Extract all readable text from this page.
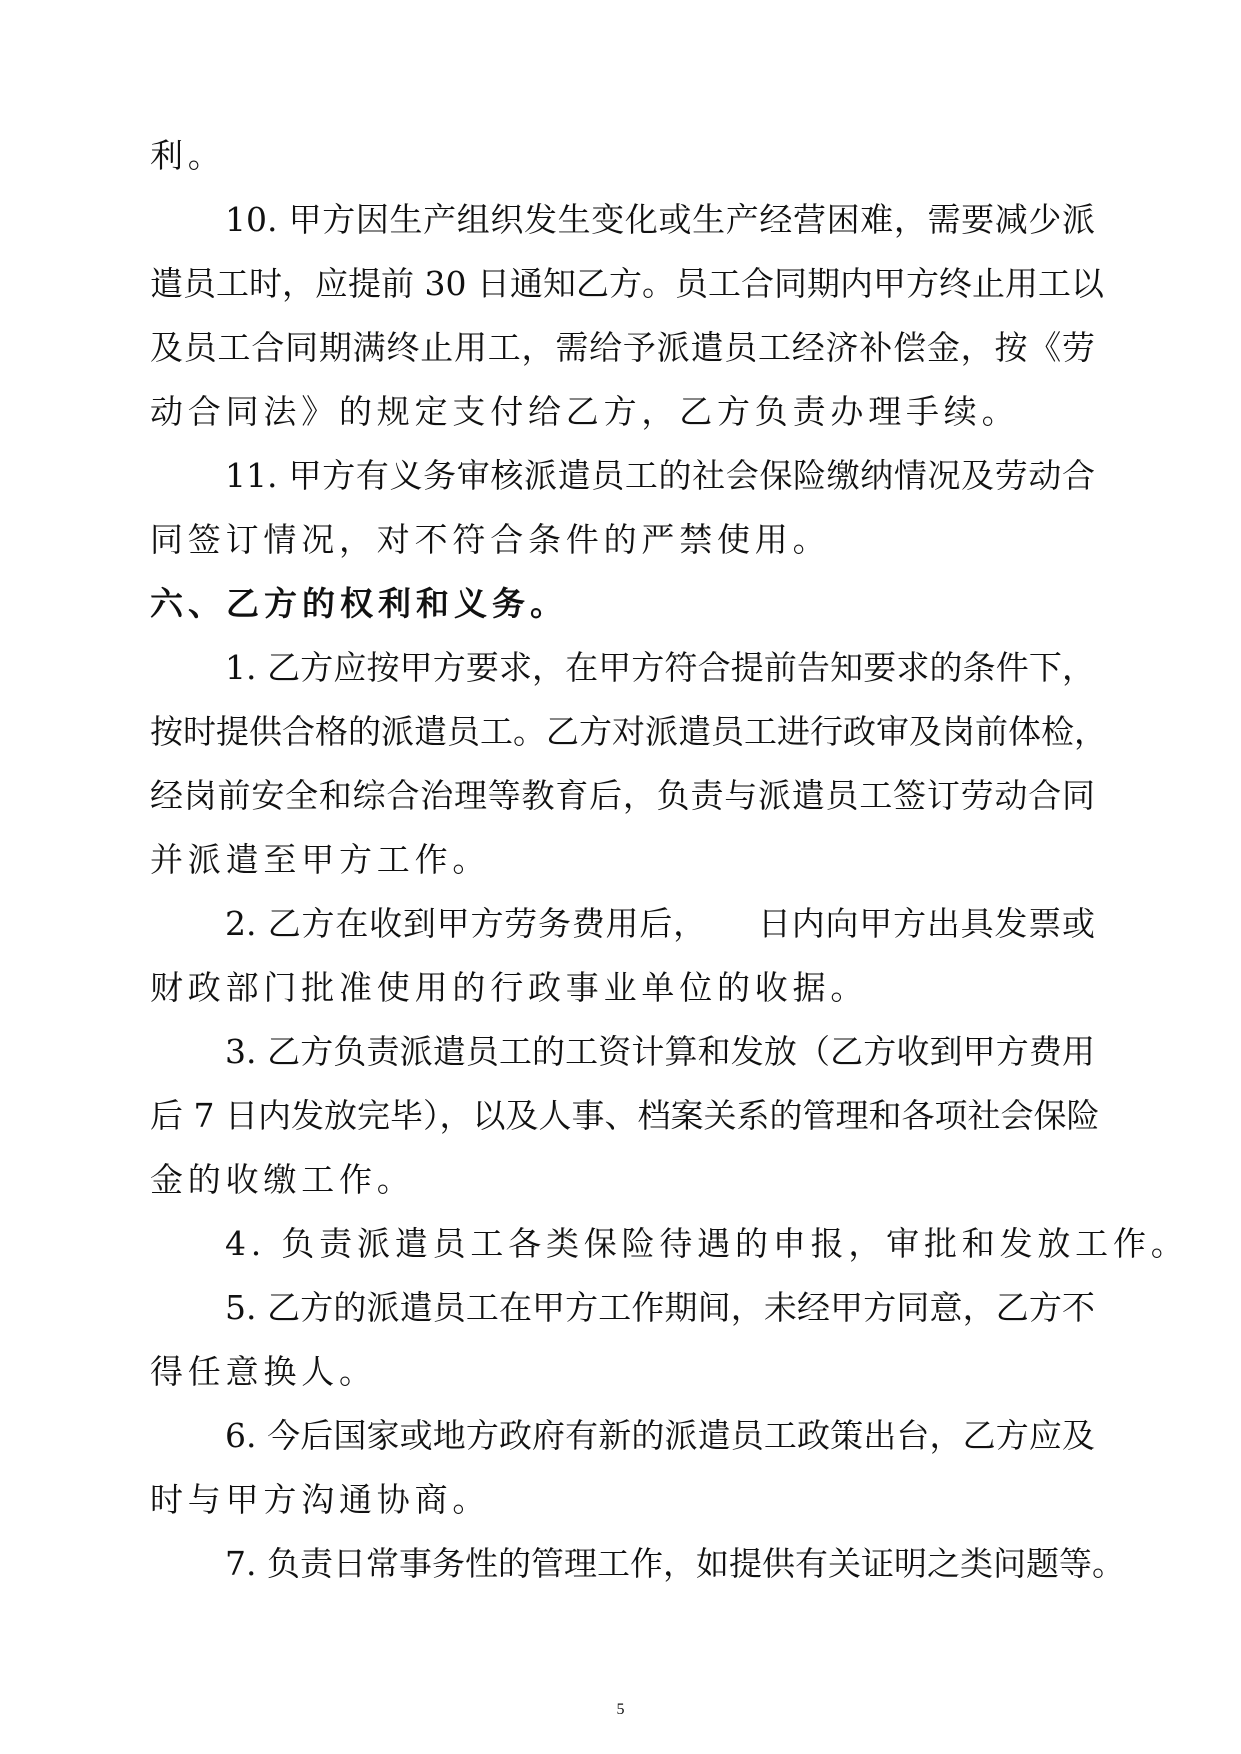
利。
10. 甲方因生产组织发生变化或生产经营困难，需要减少派
遣员工时，应提前 30 日通知乙方。员工合同期内甲方终止用工以
及员工合同期满终止用工，需给予派遣员工经济补偿金，按《劳
动合同法》的规定支付给乙方，乙方负责办理手续。
11. 甲方有义务审核派遣员工的社会保险缴纳情况及劳动合
同签订情况，对不符合条件的严禁使用。
六、乙方的权利和义务。
1. 乙方应按甲方要求，在甲方符合提前告知要求的条件下，
按时提供合格的派遣员工。乙方对派遣员工进行政审及岗前体检，
经岗前安全和综合治理等教育后，负责与派遣员工签订劳动合同
并派遣至甲方工作。
2. 乙方在收到甲方劳务费用后，　　日内向甲方出具发票或
财政部门批准使用的行政事业单位的收据。
3. 乙方负责派遣员工的工资计算和发放（乙方收到甲方费用
后 7 日内发放完毕），以及人事、档案关系的管理和各项社会保险
金的收缴工作。
4. 负责派遣员工各类保险待遇的申报，审批和发放工作。
5. 乙方的派遣员工在甲方工作期间，未经甲方同意，乙方不
得任意换人。
6. 今后国家或地方政府有新的派遣员工政策出台，乙方应及
时与甲方沟通协商。
7. 负责日常事务性的管理工作，如提供有关证明之类问题等。
5
